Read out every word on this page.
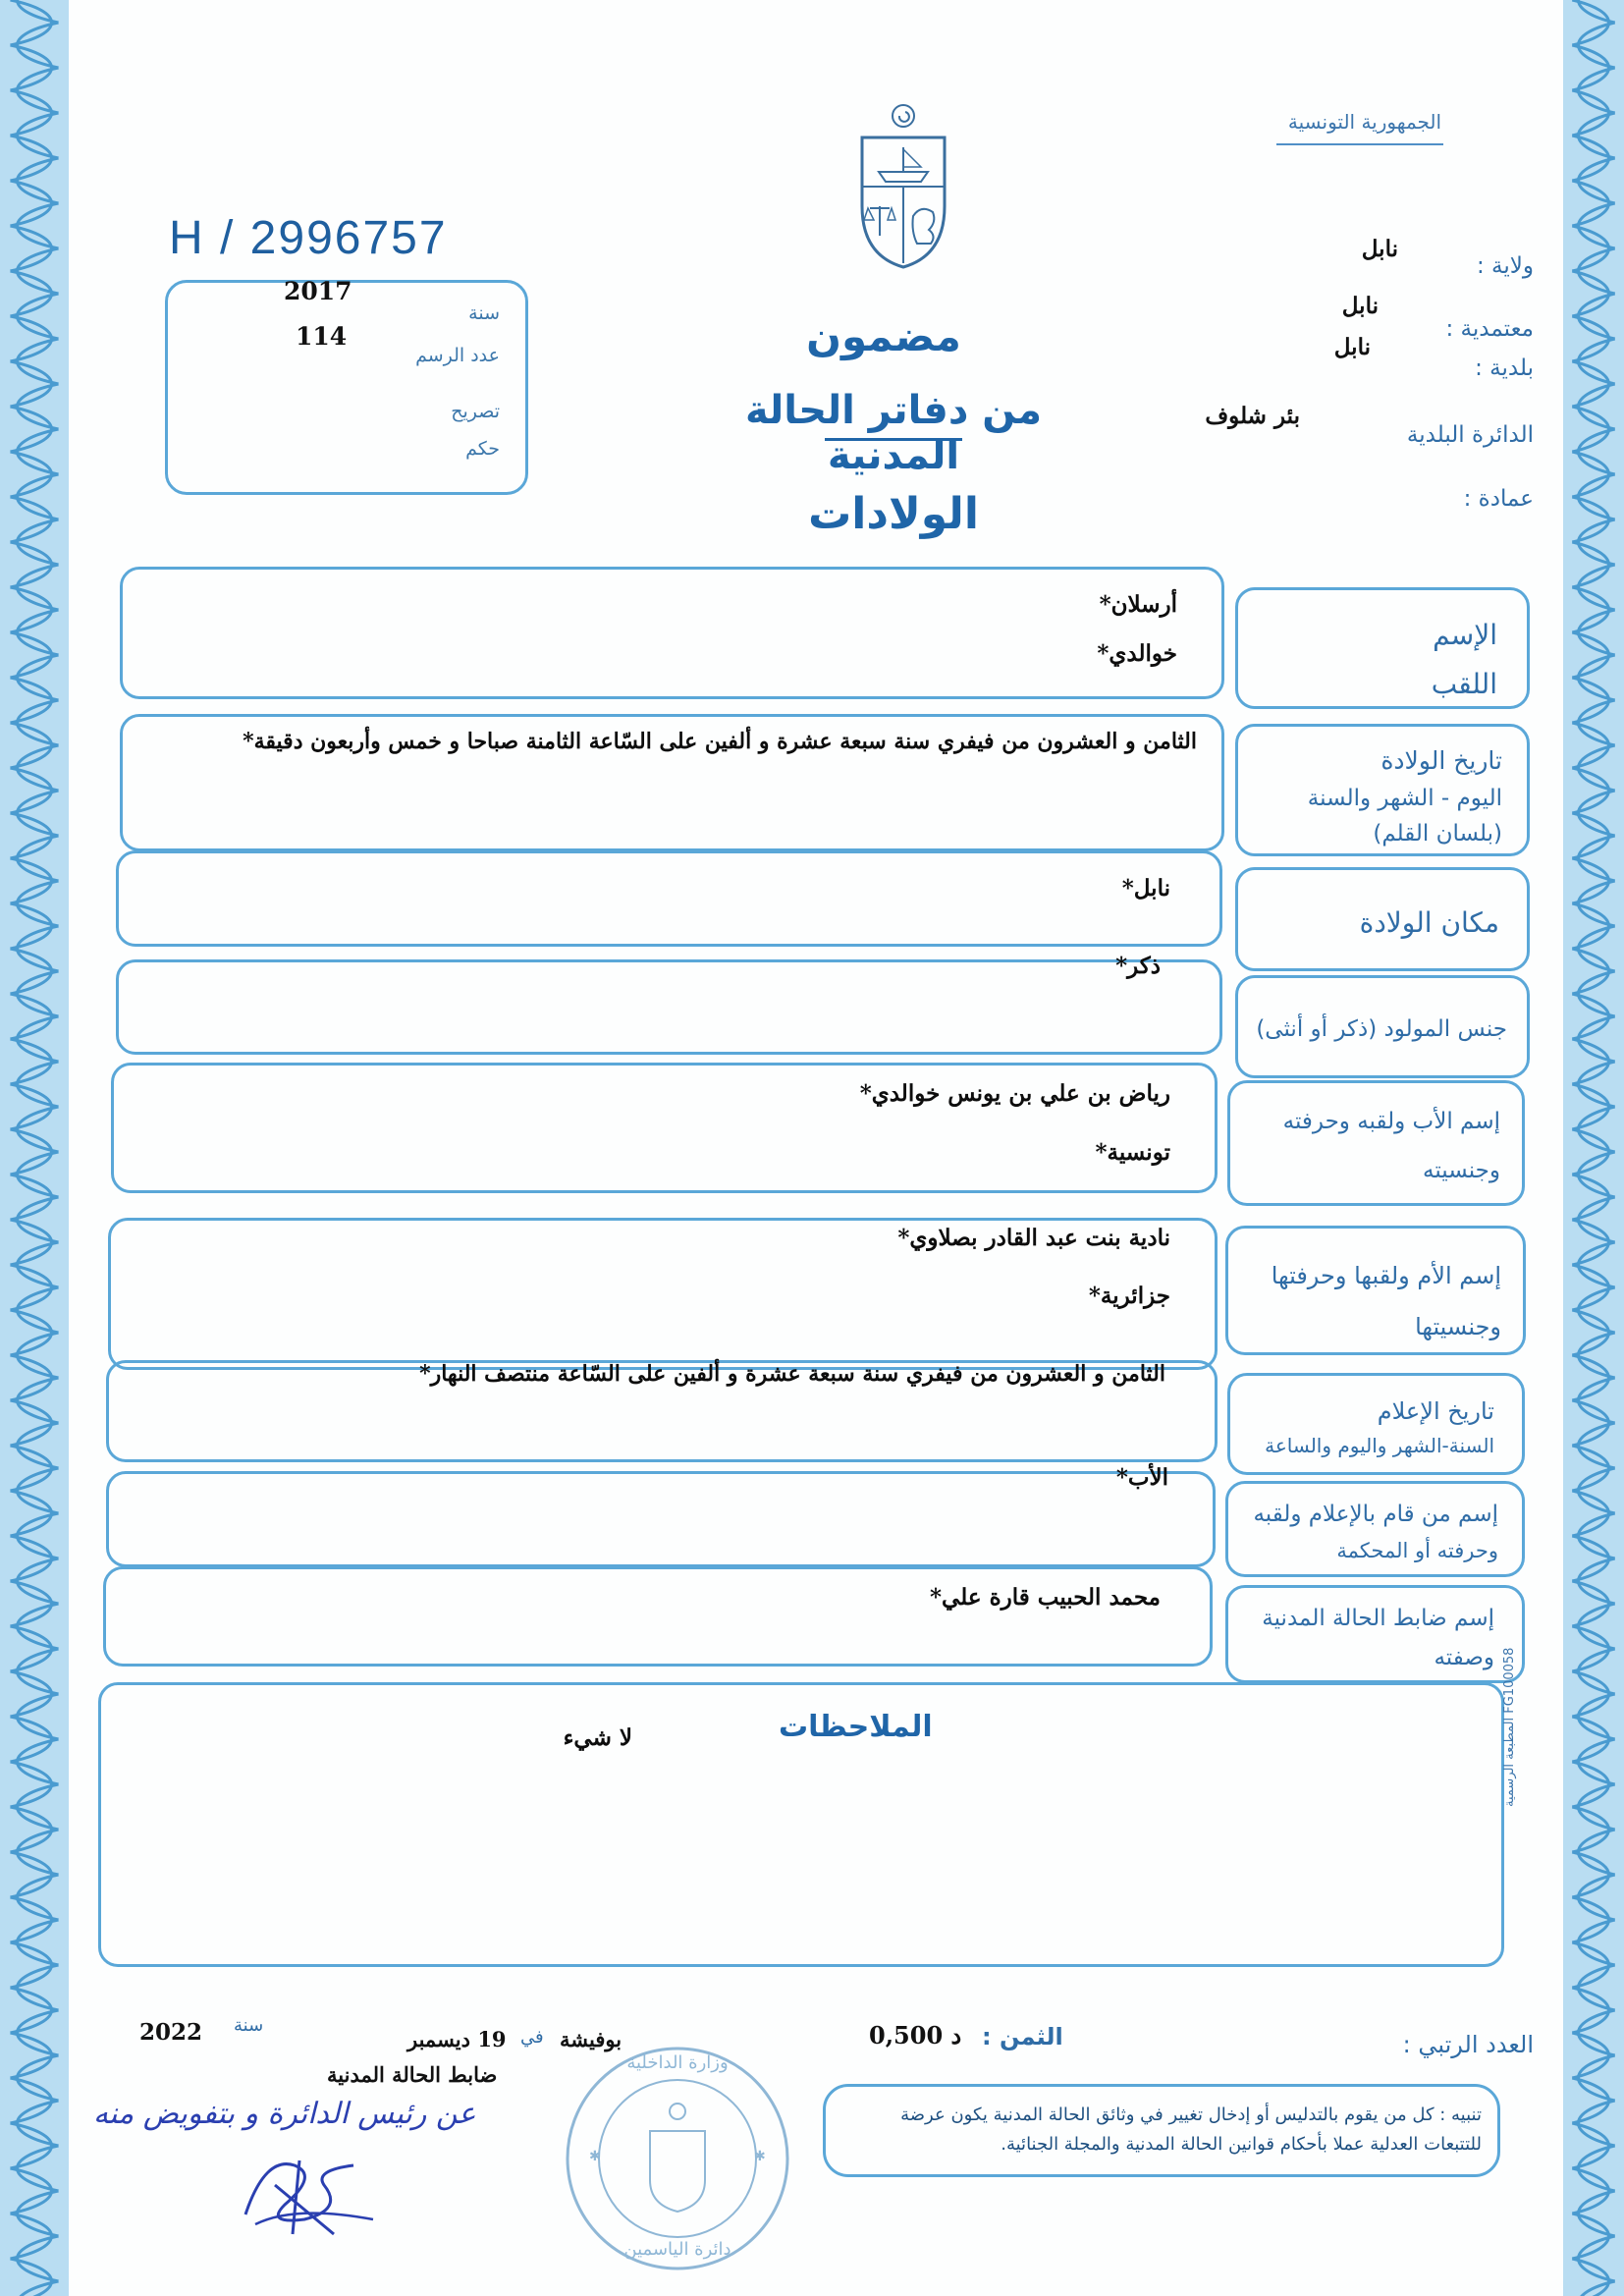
الجمهورية التونسية
H / 2996757
سنة
2017
عدد الرسم
114
تصريح
حكم
مضمون
من دفاتر الحالة المدنية
الولادات
ولاية :
نابل
معتمدية :
نابل
بلدية :
نابل
الدائرة البلدية
بئر شلوف
عمادة :
أرسلان*
خوالدي*
الإسم
اللقب
الثامن و العشرون من فيفري سنة سبعة عشرة و ألفين على السّاعة الثامنة صباحا و خمس وأربعون دقيقة*
تاريخ الولادة
اليوم - الشهر والسنة
(بلسان القلم)
نابل*
مكان الولادة
ذكر*
جنس المولود (ذكر أو أنثى)
رياض بن علي بن يونس خوالدي*
تونسية*
إسم الأب ولقبه وحرفته
وجنسيته
نادية بنت عبد القادر بصلاوي*
جزائرية*
إسم الأم ولقبها وحرفتها
وجنسيتها
الثامن و العشرون من فيفري سنة سبعة عشرة و ألفين على السّاعة منتصف النهار*
تاريخ الإعلام
السنة-الشهر واليوم والساعة
الأب*
إسم من قام بالإعلام ولقبه
وحرفته أو المحكمة
محمد الحبيب قارة علي*
إسم ضابط الحالة المدنية
وصفته
الملاحظات
لا شيء	المطبعة الرسمية FG100058
العدد الرتبي :
الثمن :
0,500 د
بوفيشة
في
19 ديسمبر
سنة
2022
ضابط الحالة المدنية
عن رئيس الدائرة و بتفويض منه
✱	✱
وزارة الداخلية
دائرة الياسمين
تنبيه : كل من يقوم بالتدليس أو إدخال تغيير في وثائق الحالة المدنية يكون عرضة للتتبعات العدلية عملا بأحكام قوانين الحالة المدنية والمجلة الجنائية.
